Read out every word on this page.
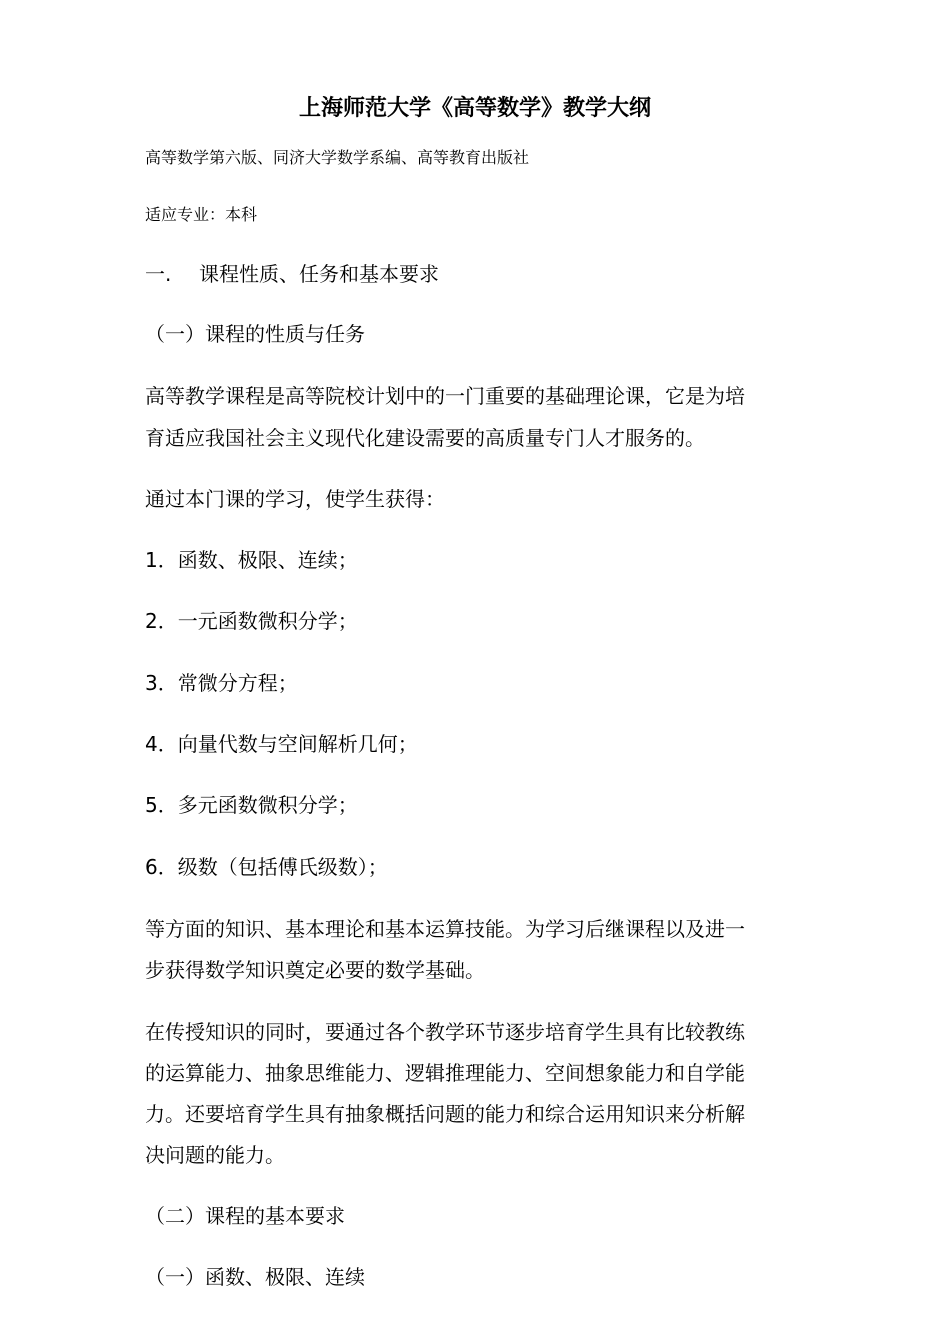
上海师范大学《高等数学》教学大纲
高等数学第六版、同济大学数学系编、高等教育出版社
适应专业：本科
一. 课程性质、任务和基本要求
（一）课程的性质与任务
高等教学课程是高等院校计划中的一门重要的基础理论课，它是为培
育适应我国社会主义现代化建设需要的高质量专门人才服务的。
通过本门课的学习，使学生获得：
1．函数、极限、连续；
2．一元函数微积分学；
3．常微分方程；
4．向量代数与空间解析几何；
5．多元函数微积分学；
6．级数（包括傅氏级数）；
等方面的知识、基本理论和基本运算技能。为学习后继课程以及进一
步获得数学知识奠定必要的数学基础。
在传授知识的同时，要通过各个教学环节逐步培育学生具有比较教练
的运算能力、抽象思维能力、逻辑推理能力、空间想象能力和自学能
力。还要培育学生具有抽象概括问题的能力和综合运用知识来分析解
决问题的能力。
（二）课程的基本要求
（一）函数、极限、连续
